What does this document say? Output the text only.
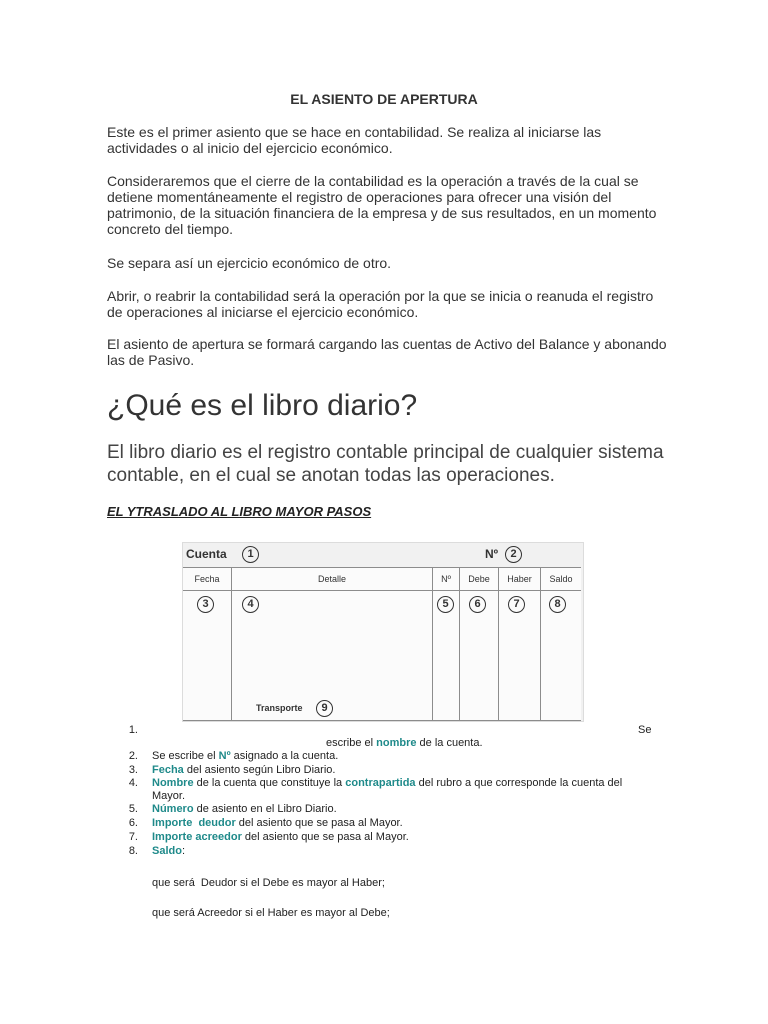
EL ASIENTO DE APERTURA

Este es el primer asiento que se hace en contabilidad. Se realiza al iniciarse las actividades o al inicio del ejercicio económico.

Consideraremos que el cierre de la contabilidad es la operación a través de la cual se detiene momentáneamente el registro de operaciones para ofrecer una visión del patrimonio, de la situación financiera de la empresa y de sus resultados, en un momento concreto del tiempo.

Se separa así un ejercicio económico de otro.

Abrir, o reabrir la contabilidad será la operación por la que se inicia o reanuda el registro de operaciones al iniciarse el ejercicio económico.

El asiento de apertura se formará cargando las cuentas de Activo del Balance y abonando las de Pasivo.

¿Qué es el libro diario?

El libro diario es el registro contable principal de cualquier sistema contable, en el cual se anotan todas las operaciones.

EL YTRASLADO AL LIBRO MAYOR PASOS

Cuenta	1	Nº	2
Fecha	Detalle	Nº	Debe	Haber	Saldo
3	4	5	6	7	8
Transporte	9
1.	Se
escribe el nombre de la cuenta.
2. Se escribe el Nº asignado a la cuenta.
3. Fecha del asiento según Libro Diario.
4. Nombre de la cuenta que constituye la contrapartida del rubro a que corresponde la cuenta del Mayor.
5. Número de asiento en el Libro Diario.
6. Importe  deudor del asiento que se pasa al Mayor.
7. Importe acreedor del asiento que se pasa al Mayor.
8. Saldo:
que será  Deudor si el Debe es mayor al Haber;
que será Acreedor si el Haber es mayor al Debe;
